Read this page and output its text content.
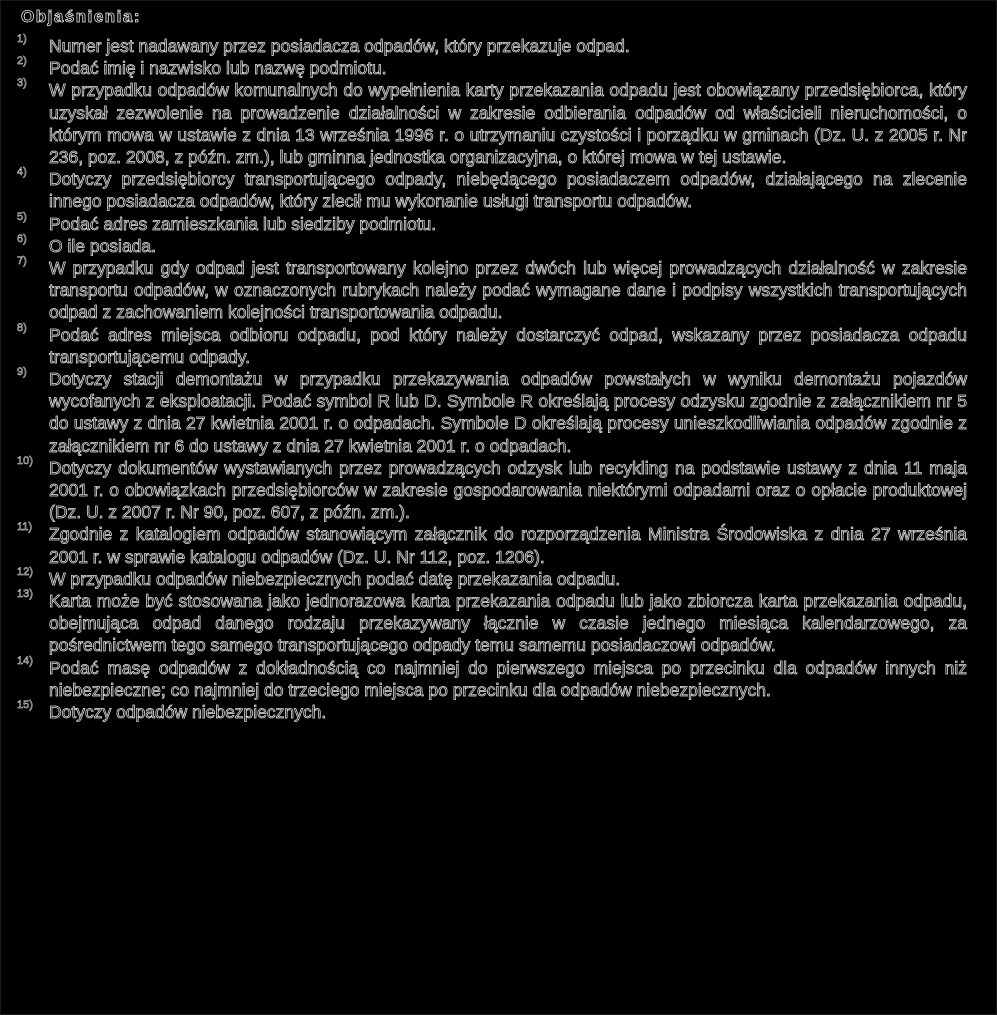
Objaśnienia:
1) Numer jest nadawany przez posiadacza odpadów, który przekazuje odpad.
2) Podać imię i nazwisko lub nazwę podmiotu.
3) W przypadku odpadów komunalnych do wypełnienia karty przekazania odpadu jest obowiązany przedsiębiorca, który uzyskał zezwolenie na prowadzenie działalności w zakresie odbierania odpadów od właścicieli nieruchomości, o którym mowa w ustawie z dnia 13 września 1996 r. o utrzymaniu czystości i porządku w gminach (Dz. U. z 2005 r. Nr 236, poz. 2008, z późn. zm.), lub gminna jednostka organizacyjna, o której mowa w tej ustawie.
4) Dotyczy przedsiębiorcy transportującego odpady, niebędącego posiadaczem odpadów, działającego na zlecenie innego posiadacza odpadów, który zlecił mu wykonanie usługi transportu odpadów.
5) Podać adres zamieszkania lub siedziby podmiotu.
6) O ile posiada.
7) W przypadku gdy odpad jest transportowany kolejno przez dwóch lub więcej prowadzących działalność w zakresie transportu odpadów, w oznaczonych rubrykach należy podać wymagane dane i podpisy wszystkich transportujących odpad z zachowaniem kolejności transportowania odpadu.
8) Podać adres miejsca odbioru odpadu, pod który należy dostarczyć odpad, wskazany przez posiadacza odpadu transportującemu odpady.
9) Dotyczy stacji demontażu w przypadku przekazywania odpadów powstałych w wyniku demontażu pojazdów wycofanych z eksploatacji. Podać symbol R lub D. Symbole R określają procesy odzysku zgodnie z załącznikiem nr 5 do ustawy z dnia 27 kwietnia 2001 r. o odpadach. Symbole D określają procesy unieszkodliwiania odpadów zgodnie z załącznikiem nr 6 do ustawy z dnia 27 kwietnia 2001 r. o odpadach.
10) Dotyczy dokumentów wystawianych przez prowadzących odzysk lub recykling na podstawie ustawy z dnia 11 maja 2001 r. o obowiązkach przedsiębiorców w zakresie gospodarowania niektórymi odpadami oraz o opłacie produktowej (Dz. U. z 2007 r. Nr 90, poz. 607, z późn. zm.).
11) Zgodnie z katalogiem odpadów stanowiącym załącznik do rozporządzenia Ministra Środowiska z dnia 27 września 2001 r. w sprawie katalogu odpadów (Dz. U. Nr 112, poz. 1206).
12) W przypadku odpadów niebezpiecznych podać datę przekazania odpadu.
13) Karta może być stosowana jako jednorazowa karta przekazania odpadu lub jako zbiorcza karta przekazania odpadu, obejmująca odpad danego rodzaju przekazywany łącznie w czasie jednego miesiąca kalendarzowego, za pośrednictwem tego samego transportującego odpady temu samemu posiadaczowi odpadów.
14) Podać masę odpadów z dokładnością co najmniej do pierwszego miejsca po przecinku dla odpadów innych niż niebezpieczne; co najmniej do trzeciego miejsca po przecinku dla odpadów niebezpiecznych.
15) Dotyczy odpadów niebezpiecznych.
